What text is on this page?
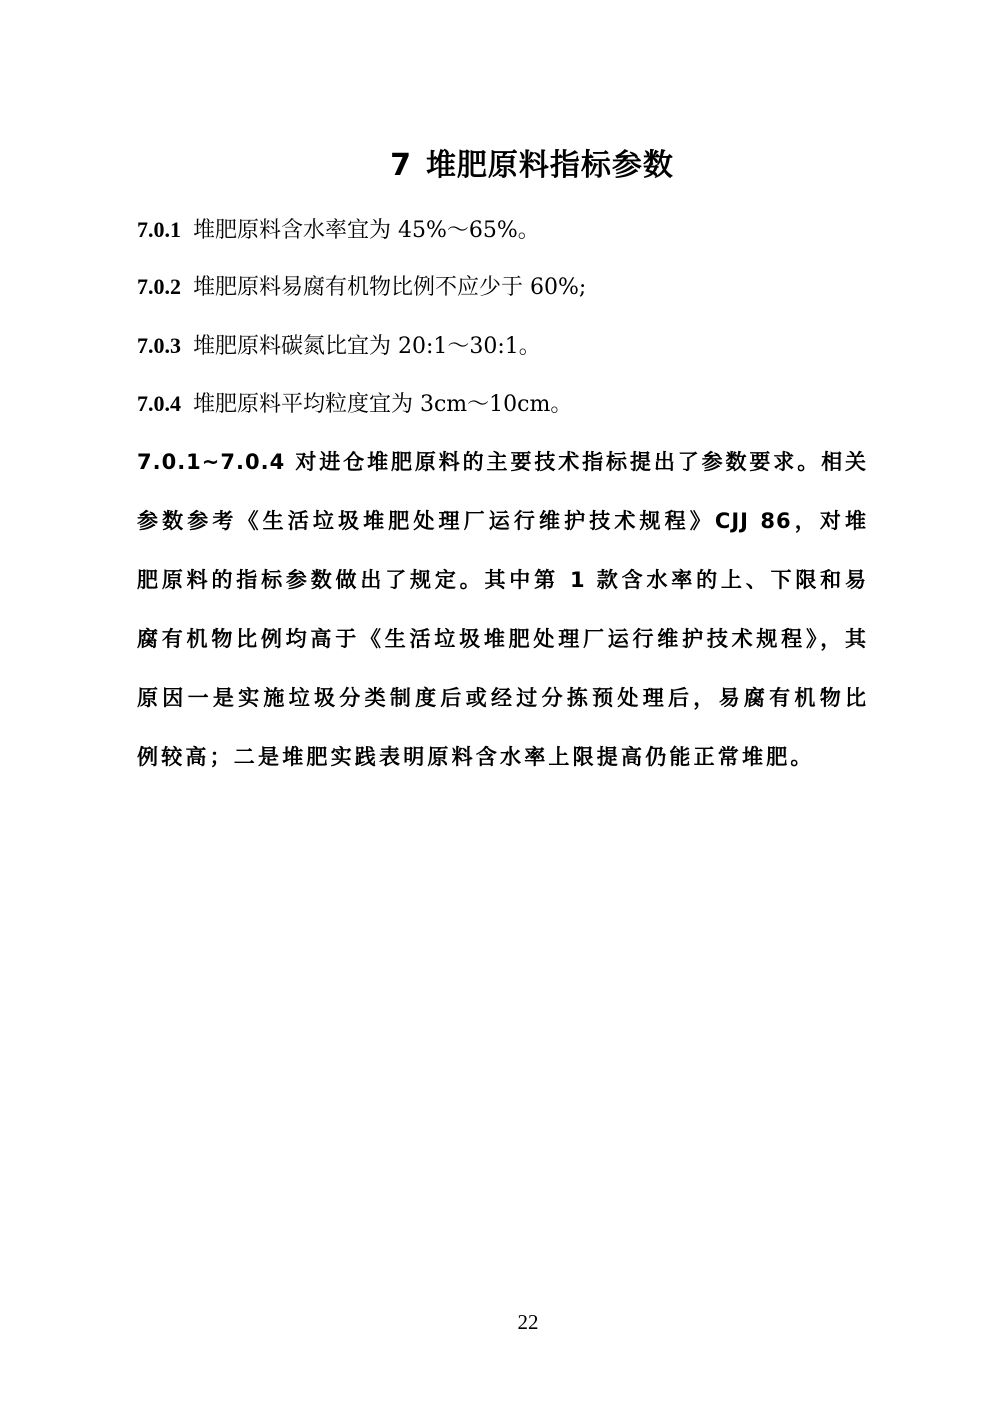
7 堆肥原料指标参数
7.0.1 堆肥原料含水率宜为 45%～65%。
7.0.2 堆肥原料易腐有机物比例不应少于 60%;
7.0.3 堆肥原料碳氮比宜为 20:1～30:1。
7.0.4 堆肥原料平均粒度宜为 3cm～10cm。
7.0.1~7.0.4 对进仓堆肥原料的主要技术指标提出了参数要求。相关
参数参考《生活垃圾堆肥处理厂运行维护技术规程》CJJ 86，对堆
肥原料的指标参数做出了规定。其中第 1 款含水率的上、下限和易
腐有机物比例均高于《生活垃圾堆肥处理厂运行维护技术规程》，其
原因一是实施垃圾分类制度后或经过分拣预处理后，易腐有机物比
例较高；二是堆肥实践表明原料含水率上限提高仍能正常堆肥。
22
